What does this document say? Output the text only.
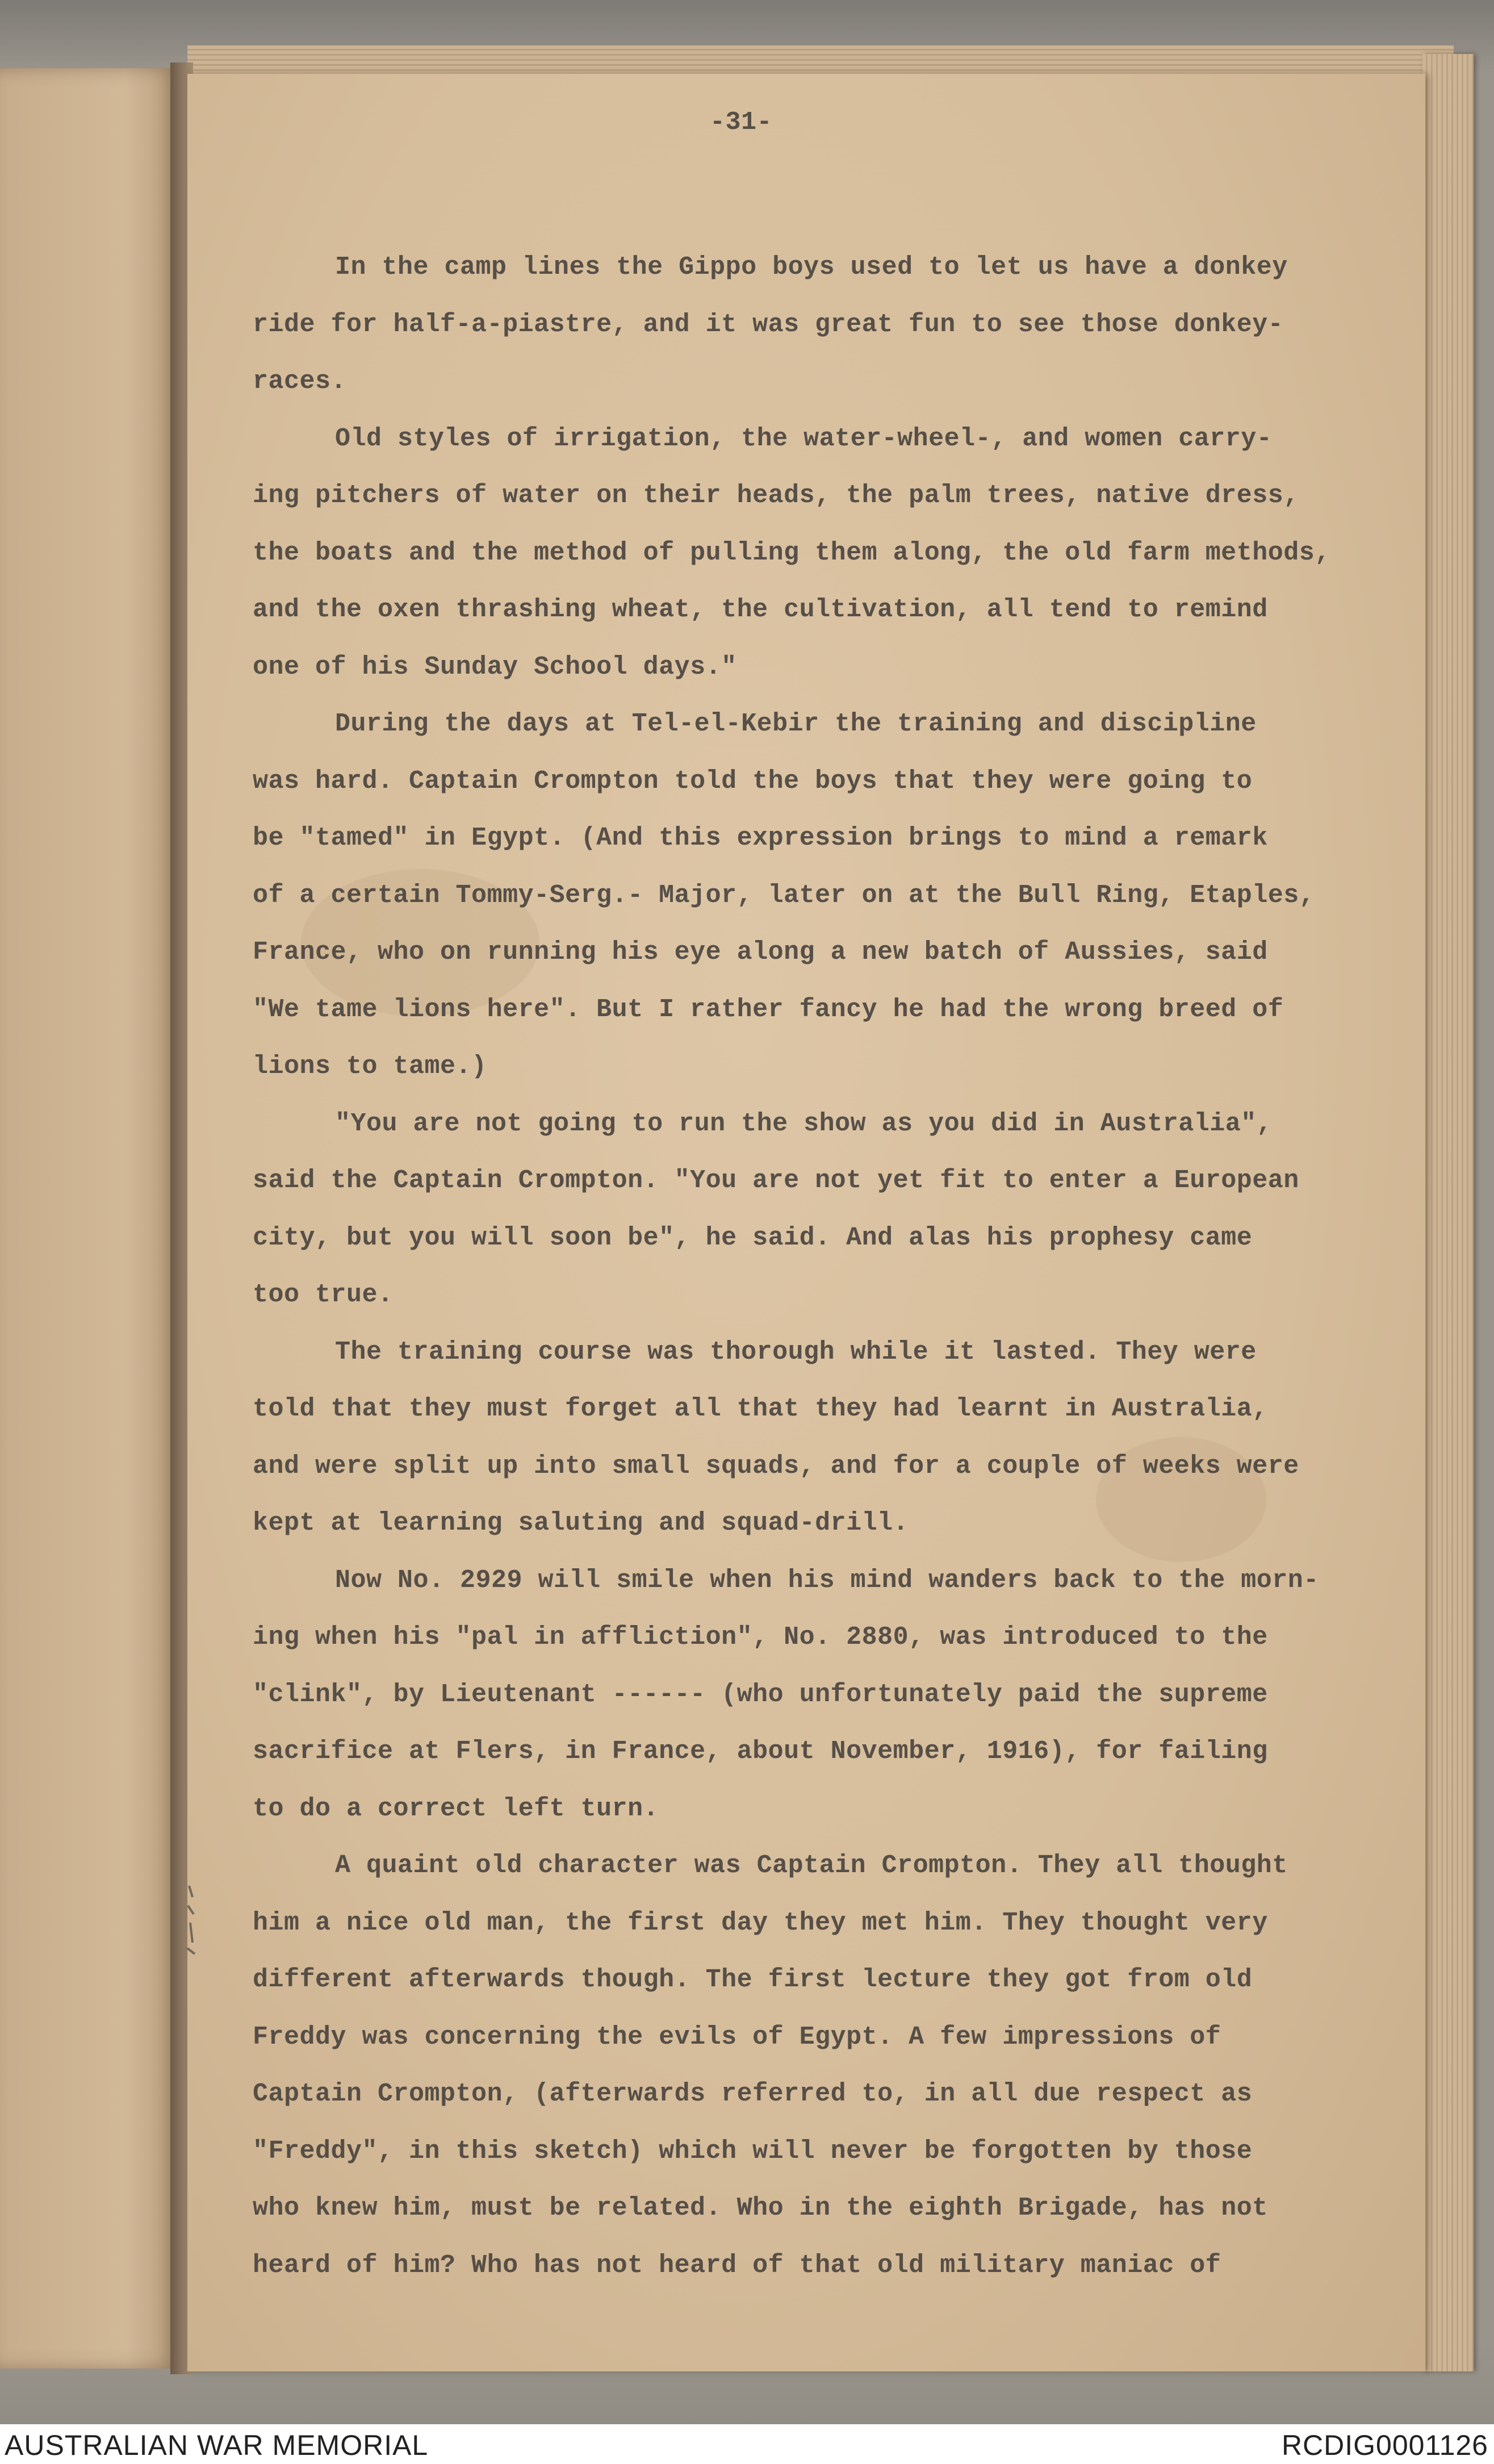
-31-
In the camp lines the Gippo boys used to let us have a donkey
ride for half-a-piastre, and it was great fun to see those donkey-
races.
Old styles of irrigation, the water-wheel-, and women carry-
ing pitchers of water on their heads, the palm trees, native dress,
the boats and the method of pulling them along, the old farm methods,
and the oxen thrashing wheat, the cultivation, all tend to remind
one of his Sunday School days."
During the days at Tel-el-Kebir the training and discipline
was hard. Captain Crompton told the boys that they were going to
be "tamed" in Egypt. (And this expression brings to mind a remark
of a certain Tommy-Serg.- Major, later on at the Bull Ring, Etaples,
France, who on running his eye along a new batch of Aussies, said
"We tame lions here". But I rather fancy he had the wrong breed of
lions to tame.)
"You are not going to run the show as you did in Australia",
said the Captain Crompton. "You are not yet fit to enter a European
city, but you will soon be", he said. And alas his prophesy came
too true.
The training course was thorough while it lasted. They were
told that they must forget all that they had learnt in Australia,
and were split up into small squads, and for a couple of weeks were
kept at learning saluting and squad-drill.
Now No. 2929 will smile when his mind wanders back to the morn-
ing when his "pal in affliction", No. 2880, was introduced to the
"clink", by Lieutenant ------ (who unfortunately paid the supreme
sacrifice at Flers, in France, about November, 1916), for failing
to do a correct left turn.
A quaint old character was Captain Crompton. They all thought
him a nice old man, the first day they met him. They thought very
different afterwards though. The first lecture they got from old
Freddy was concerning the evils of Egypt. A few impressions of
Captain Crompton, (afterwards referred to, in all due respect as
"Freddy", in this sketch) which will never be forgotten by those
who knew him, must be related. Who in the eighth Brigade, has not
heard of him? Who has not heard of that old military maniac of
AUSTRALIAN WAR MEMORIAL	RCDIG0001126
